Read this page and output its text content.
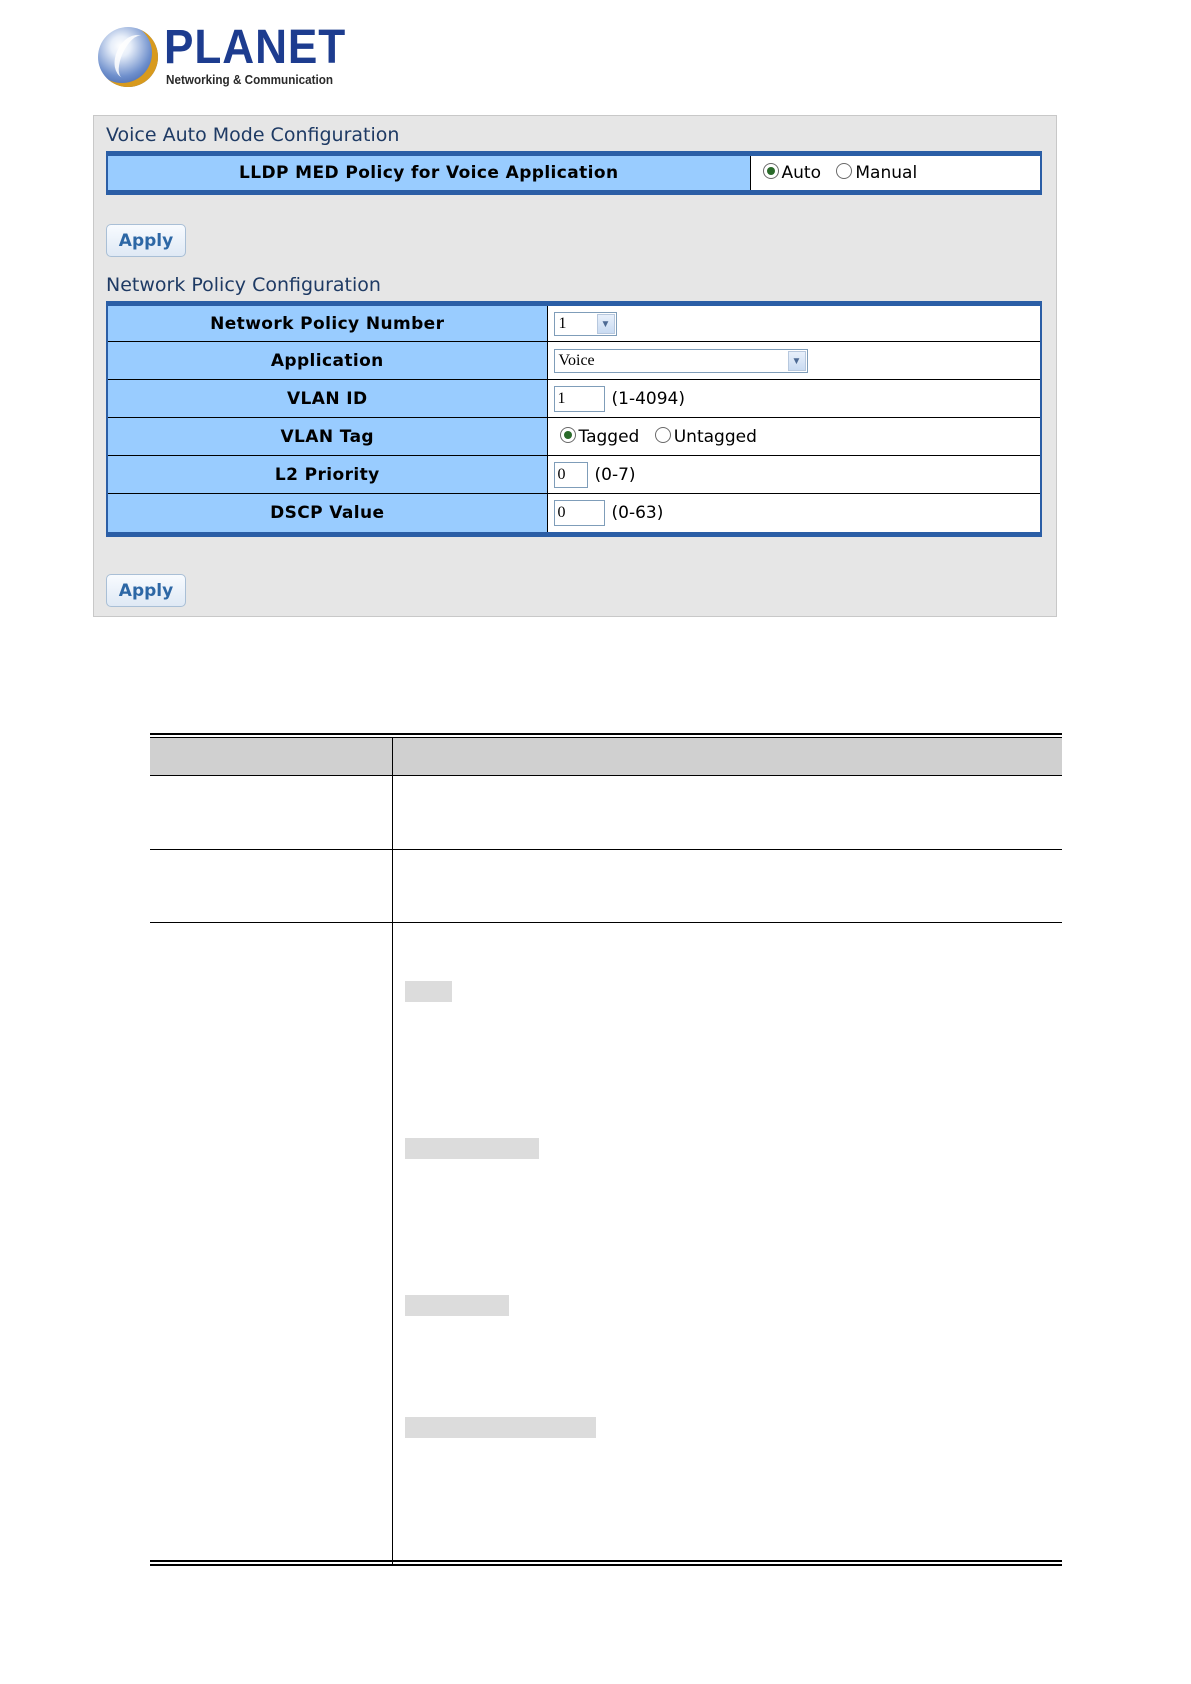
PLANET
Networking & Communication
Voice Auto Mode Configuration
LLDP MED Policy for Voice Application	Auto Manual
Apply
Network Policy Configuration
Network Policy Number	1 ▼

Application	Voice ▼

VLAN ID	1 (1-4094)
VLAN Tag	Tagged Untagged
L2 Priority	0 (0-7)
DSCP Value	0 (0-63)
Apply
